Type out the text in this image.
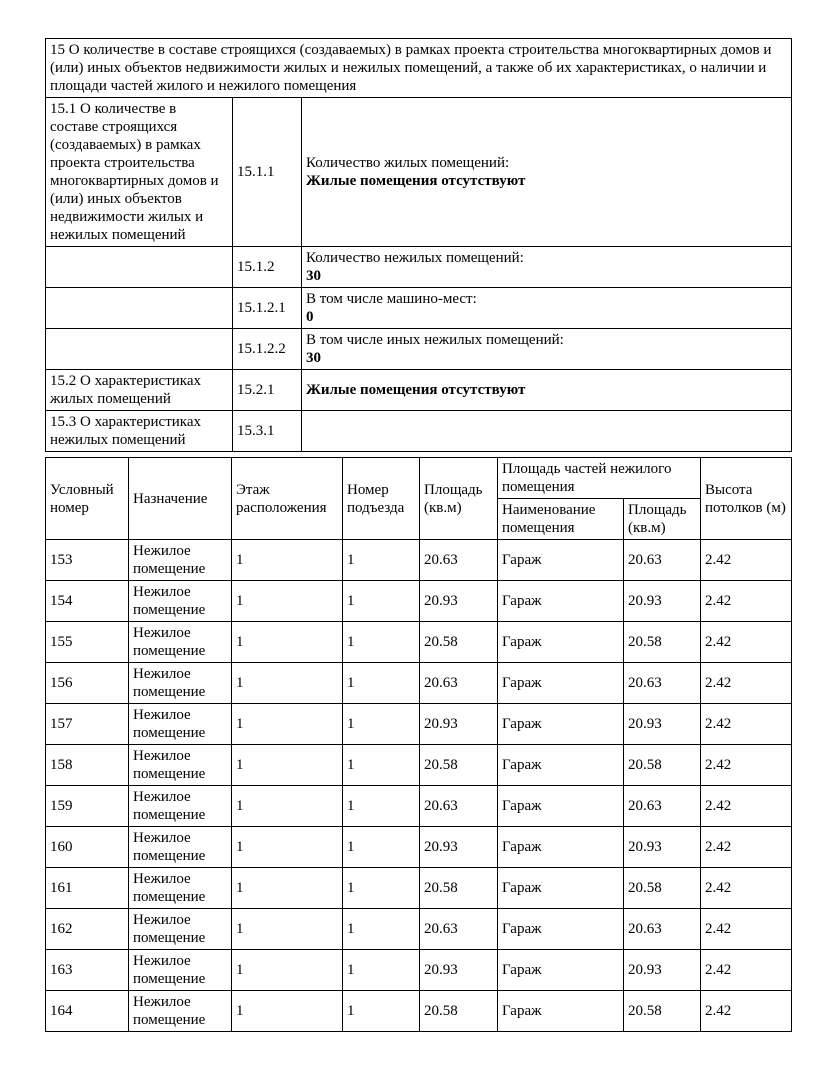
15 О количестве в составе строящихся (создаваемых) в рамках проекта строительства многоквартирных домов и (или) иных объектов недвижимости жилых и нежилых помещений, а также об их характеристиках, о наличии и площади частей жилого и нежилого помещения		
15.1 О количестве в составе строящихся (создаваемых) в рамках проекта строительства многоквартирных домов и (или) иных объектов недвижимости жилых и нежилых помещений	15.1.1	Количество жилых помещений:
Жилые помещения отсутствуют

	15.1.2	Количество нежилых помещений:
30

	15.1.2.1	В том числе машино-мест:
0

	15.1.2.2	В том числе иных нежилых помещений:
30

15.2 О характеристиках жилых помещений	15.2.1	Жилые помещения отсутствуют
15.3 О характеристиках нежилых помещений	15.3.1	
Условный номер	Назначение	Этаж расположения	Номер подъезда	Площадь (кв.м)	Площадь частей нежилого помещения		Высота потолков (м)
					Наименование помещения	Площадь (кв.м)	
153	Нежилое помещение	1	1	20.63	Гараж	20.63	2.42
154	Нежилое помещение	1	1	20.93	Гараж	20.93	2.42
155	Нежилое помещение	1	1	20.58	Гараж	20.58	2.42
156	Нежилое помещение	1	1	20.63	Гараж	20.63	2.42
157	Нежилое помещение	1	1	20.93	Гараж	20.93	2.42
158	Нежилое помещение	1	1	20.58	Гараж	20.58	2.42
159	Нежилое помещение	1	1	20.63	Гараж	20.63	2.42
160	Нежилое помещение	1	1	20.93	Гараж	20.93	2.42
161	Нежилое помещение	1	1	20.58	Гараж	20.58	2.42
162	Нежилое помещение	1	1	20.63	Гараж	20.63	2.42
163	Нежилое помещение	1	1	20.93	Гараж	20.93	2.42
164	Нежилое помещение	1	1	20.58	Гараж	20.58	2.42
